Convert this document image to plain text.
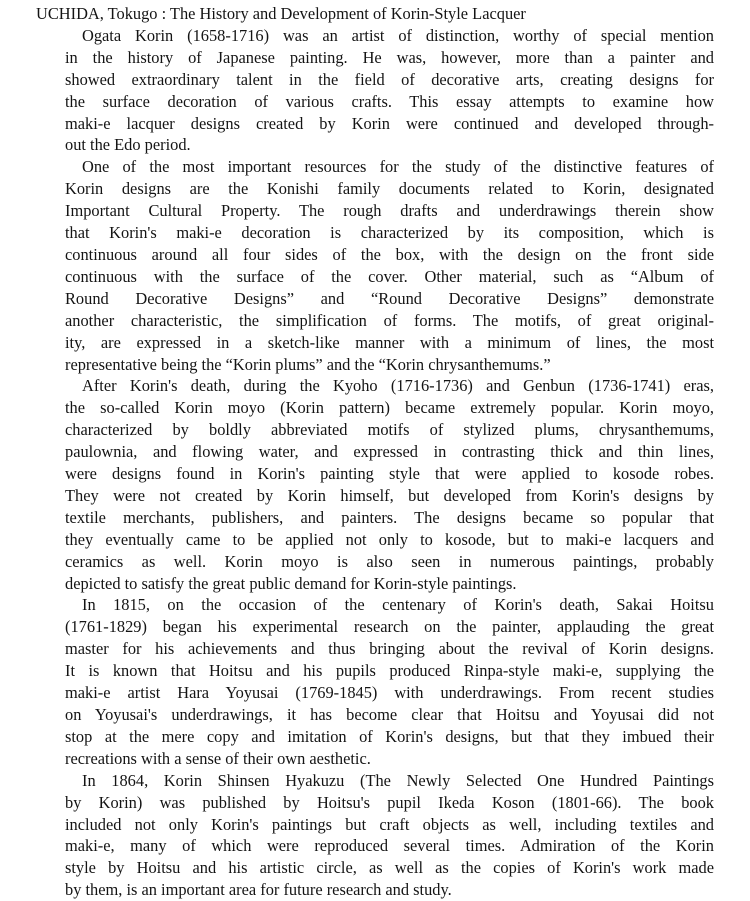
UCHIDA, Tokugo : The History and Development of Korin-Style Lacquer

Ogata Korin (1658-1716) was an artist of distinction, worthy of special mention
in the history of Japanese painting. He was, however, more than a painter and
showed extraordinary talent in the field of decorative arts, creating designs for
the surface decoration of various crafts. This essay attempts to examine how
maki-e lacquer designs created by Korin were continued and developed through-
out the Edo period.

One of the most important resources for the study of the distinctive features of
Korin designs are the Konishi family documents related to Korin, designated
Important Cultural Property. The rough drafts and underdrawings therein show
that Korin's maki-e decoration is characterized by its composition, which is
continuous around all four sides of the box, with the design on the front side
continuous with the surface of the cover. Other material, such as “Album of
Round Decorative Designs” and “Round Decorative Designs” demonstrate
another characteristic, the simplification of forms. The motifs, of great original-
ity, are expressed in a sketch-like manner with a minimum of lines, the most
representative being the “Korin plums” and the “Korin chrysanthemums.”

After Korin's death, during the Kyoho (1716-1736) and Genbun (1736-1741) eras,
the so-called Korin moyo (Korin pattern) became extremely popular. Korin moyo,
characterized by boldly abbreviated motifs of stylized plums, chrysanthemums,
paulownia, and flowing water, and expressed in contrasting thick and thin lines,
were designs found in Korin's painting style that were applied to kosode robes.
They were not created by Korin himself, but developed from Korin's designs by
textile merchants, publishers, and painters. The designs became so popular that
they eventually came to be applied not only to kosode, but to maki-e lacquers and
ceramics as well. Korin moyo is also seen in numerous paintings, probably
depicted to satisfy the great public demand for Korin-style paintings.

In 1815, on the occasion of the centenary of Korin's death, Sakai Hoitsu
(1761-1829) began his experimental research on the painter, applauding the great
master for his achievements and thus bringing about the revival of Korin designs.
It is known that Hoitsu and his pupils produced Rinpa-style maki-e, supplying the
maki-e artist Hara Yoyusai (1769-1845) with underdrawings. From recent studies
on Yoyusai's underdrawings, it has become clear that Hoitsu and Yoyusai did not
stop at the mere copy and imitation of Korin's designs, but that they imbued their
recreations with a sense of their own aesthetic.

In 1864, Korin Shinsen Hyakuzu (The Newly Selected One Hundred Paintings
by Korin) was published by Hoitsu's pupil Ikeda Koson (1801-66). The book
included not only Korin's paintings but craft objects as well, including textiles and
maki-e, many of which were reproduced several times. Admiration of the Korin
style by Hoitsu and his artistic circle, as well as the copies of Korin's work made
by them, is an important area for future research and study.
